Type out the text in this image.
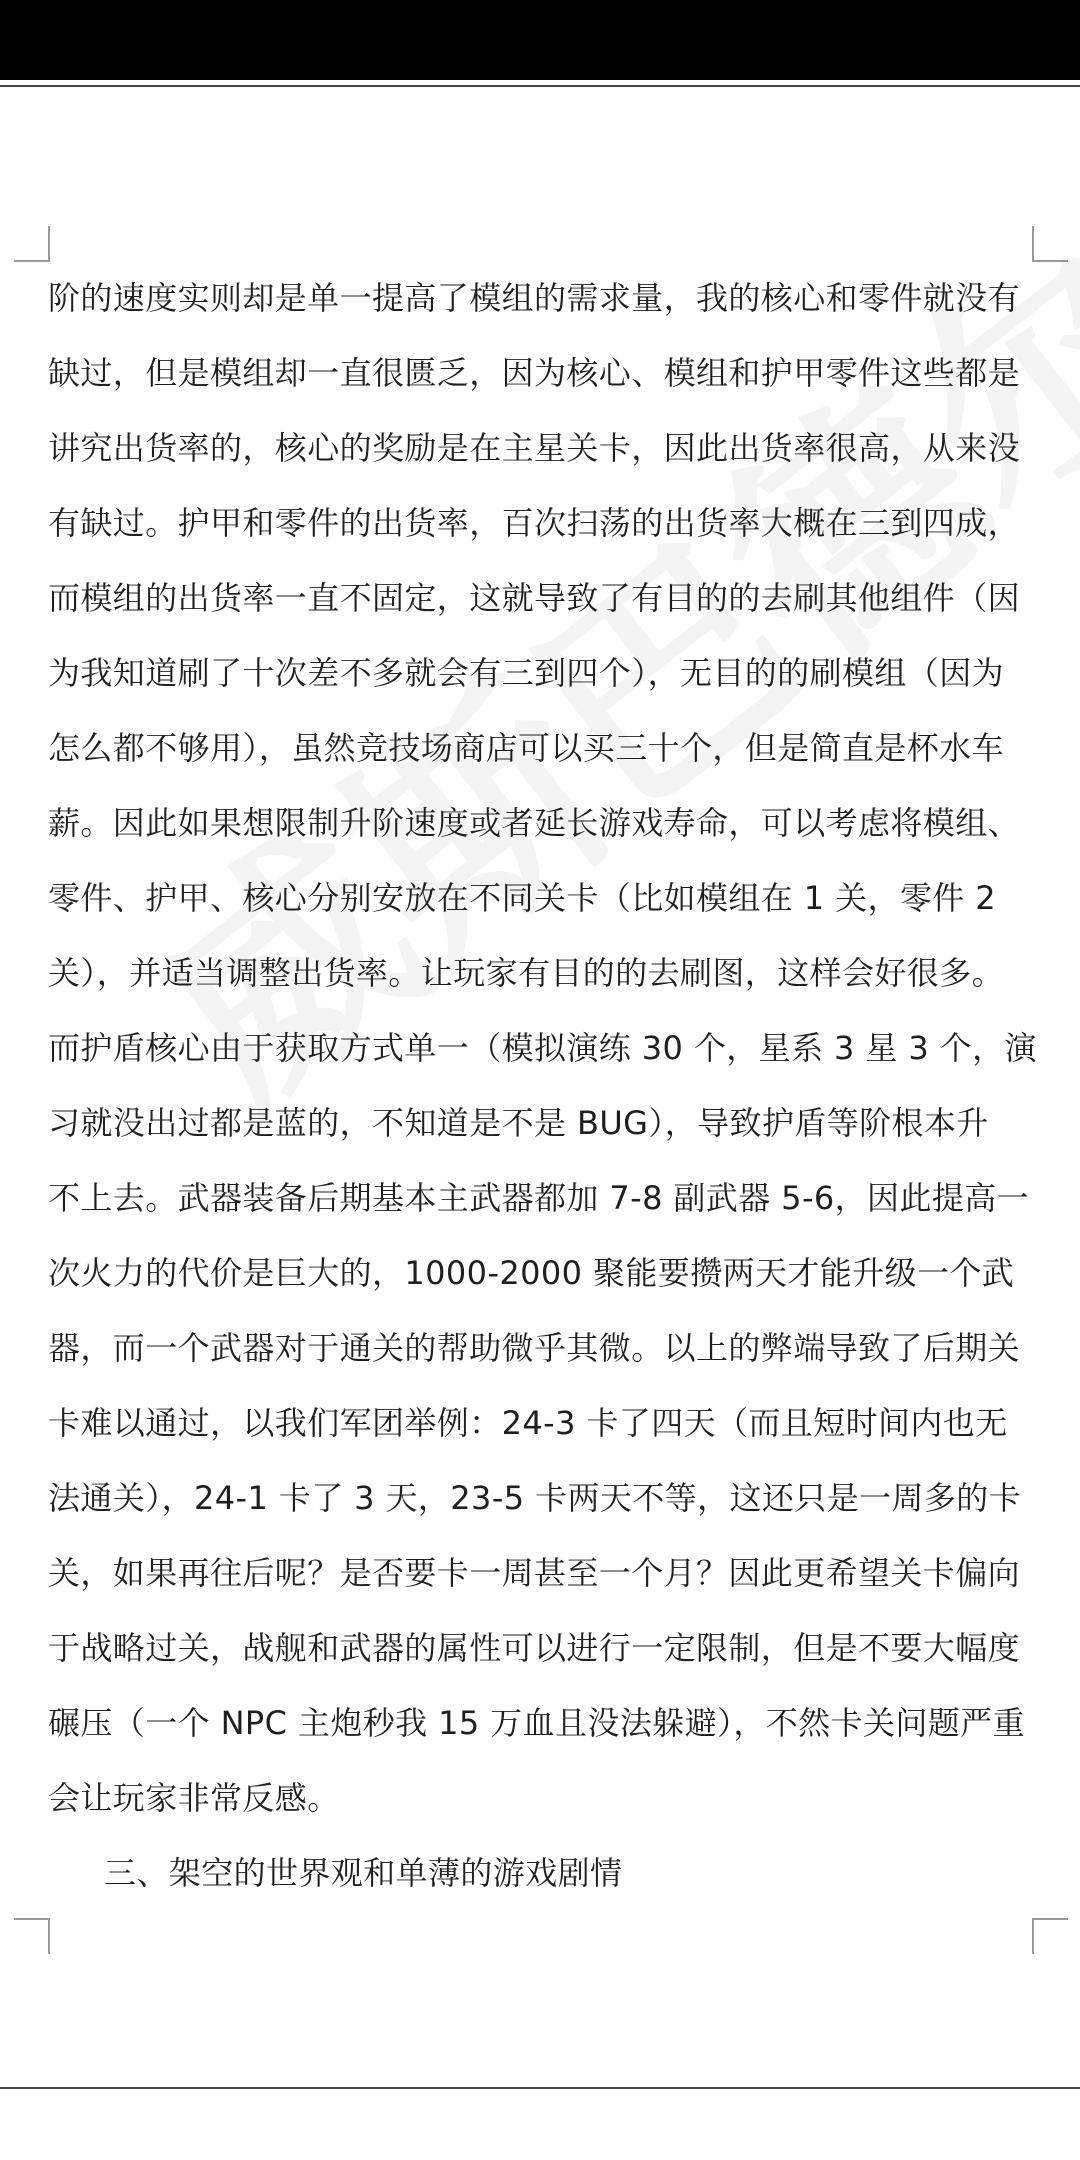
阶的速度实则却是单一提高了模组的需求量，我的核心和零件就没有
缺过，但是模组却一直很匮乏，因为核心、模组和护甲零件这些都是
讲究出货率的，核心的奖励是在主星关卡，因此出货率很高，从来没
有缺过。护甲和零件的出货率，百次扫荡的出货率大概在三到四成，
而模组的出货率一直不固定，这就导致了有目的的去刷其他组件（因
为我知道刷了十次差不多就会有三到四个），无目的的刷模组（因为
怎么都不够用），虽然竞技场商店可以买三十个，但是简直是杯水车
薪。因此如果想限制升阶速度或者延长游戏寿命，可以考虑将模组、
零件、护甲、核心分别安放在不同关卡（比如模组在 1 关，零件 2
关），并适当调整出货率。让玩家有目的的去刷图，这样会好很多。
而护盾核心由于获取方式单一（模拟演练 30 个，星系 3 星 3 个，演
习就没出过都是蓝的，不知道是不是 BUG），导致护盾等阶根本升
不上去。武器装备后期基本主武器都加 7-8 副武器 5-6，因此提高一
次火力的代价是巨大的，1000-2000 聚能要攒两天才能升级一个武
器，而一个武器对于通关的帮助微乎其微。以上的弊端导致了后期关
卡难以通过，以我们军团举例：24-3 卡了四天（而且短时间内也无
法通关），24-1 卡了 3 天，23-5 卡两天不等，这还只是一周多的卡
关，如果再往后呢？是否要卡一周甚至一个月？因此更希望关卡偏向
于战略过关，战舰和武器的属性可以进行一定限制，但是不要大幅度
碾压（一个 NPC 主炮秒我 15 万血且没法躲避），不然卡关问题严重
会让玩家非常反感。
三、架空的世界观和单薄的游戏剧情
